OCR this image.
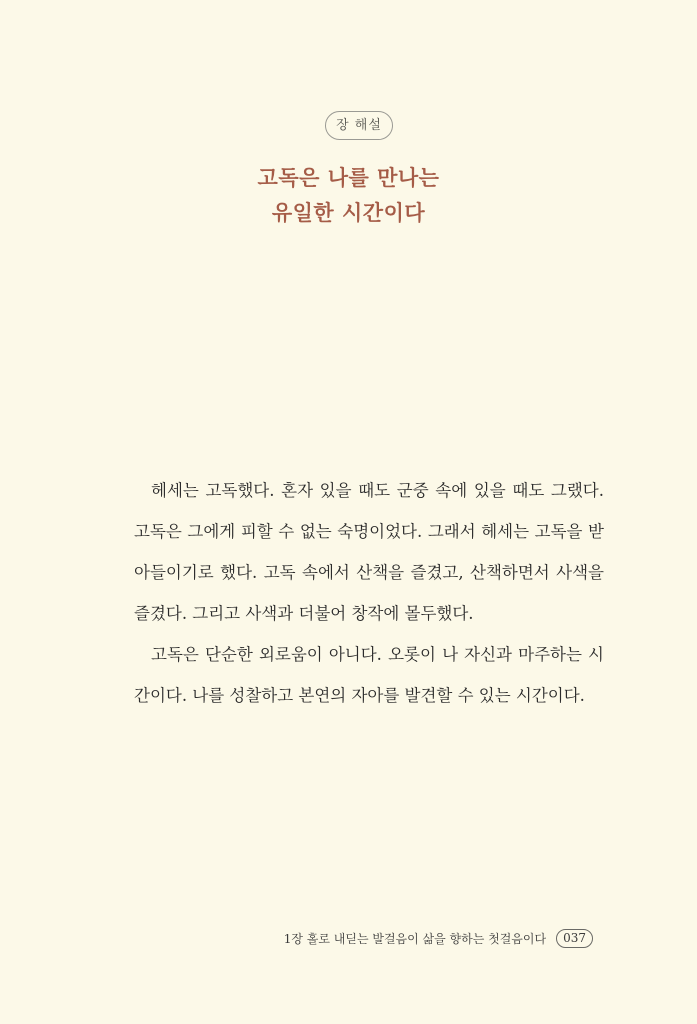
장 해설
고독은 나를 만나는
유일한 시간이다

헤세는 고독했다. 혼자 있을 때도 군중 속에 있을 때도 그랬다. 고독은 그에게 피할 수 없는 숙명이었다. 그래서 헤세는 고독을 받아들이기로 했다. 고독 속에서 산책을 즐겼고, 산책하면서 사색을 즐겼다. 그리고 사색과 더불어 창작에 몰두했다.

고독은 단순한 외로움이 아니다. 오롯이 나 자신과 마주하는 시간이다. 나를 성찰하고 본연의 자아를 발견할 수 있는 시간이다.

1장 홀로 내딛는 발걸음이 삶을 향하는 첫걸음이다	037
